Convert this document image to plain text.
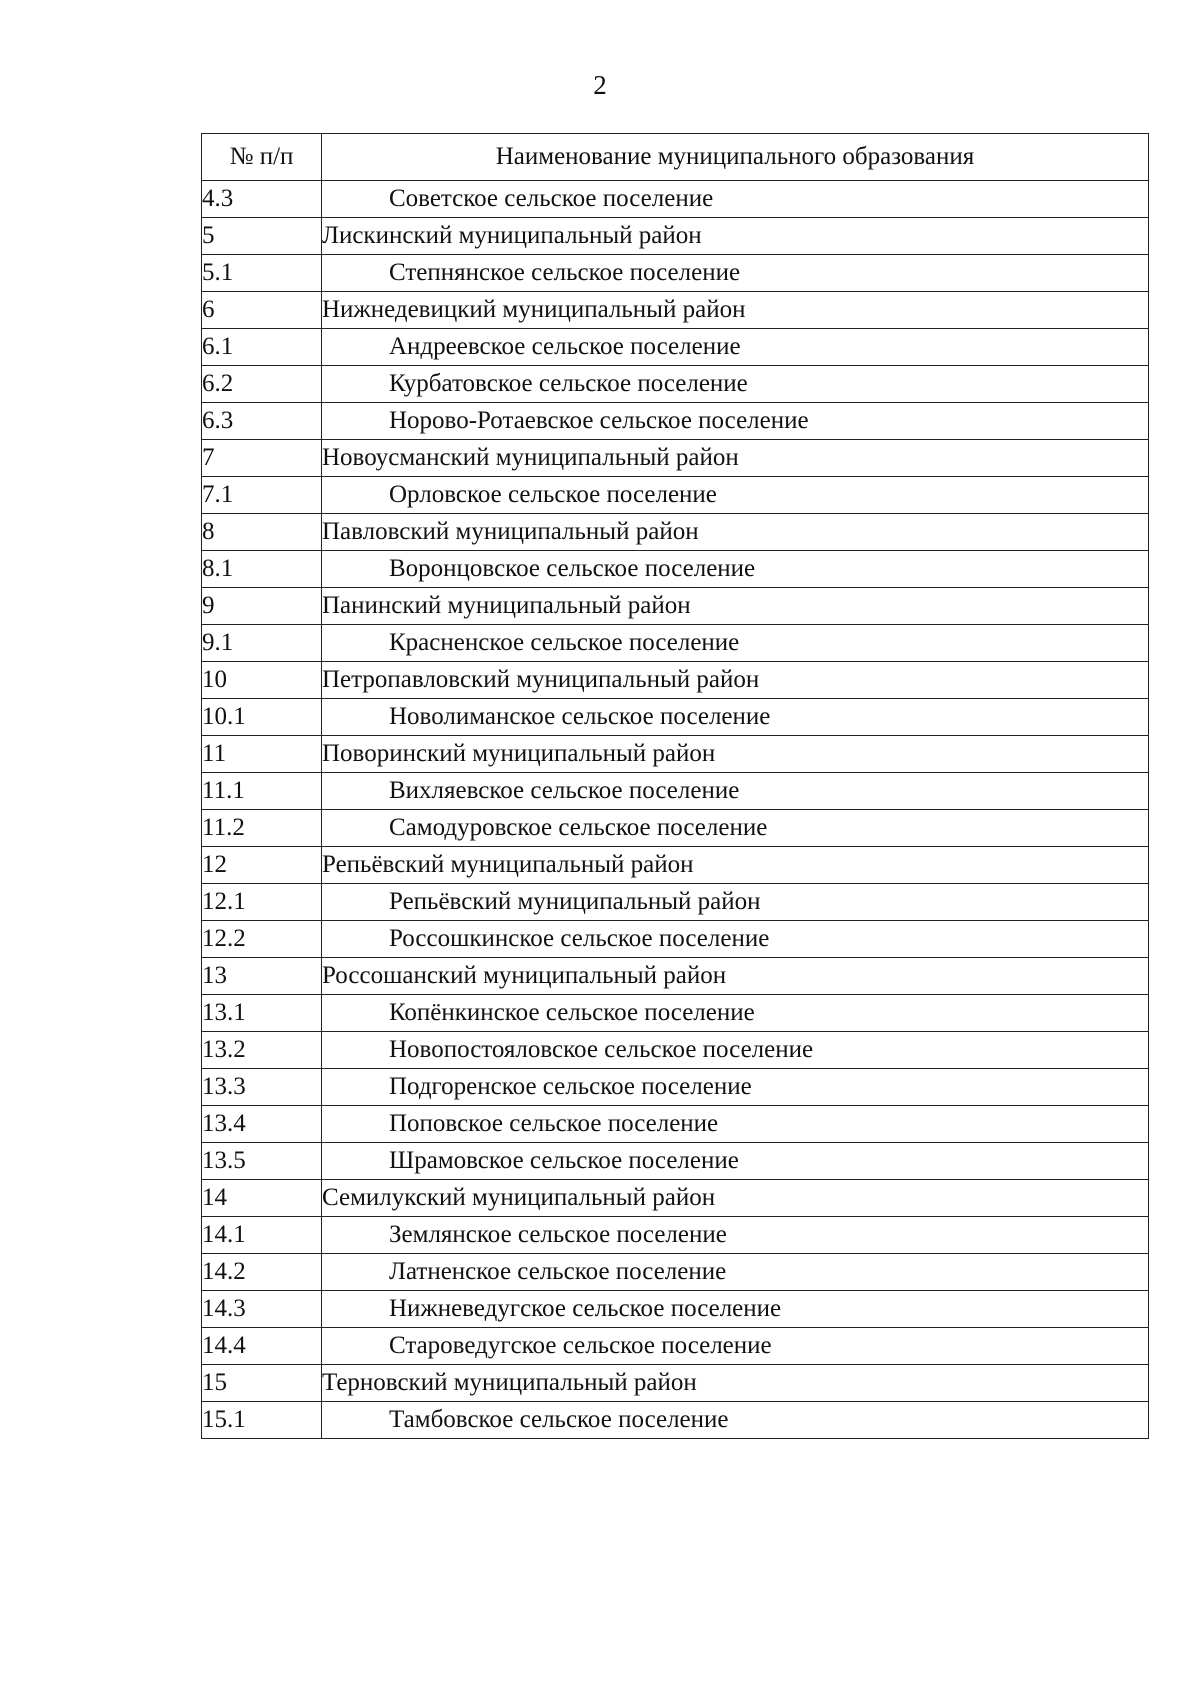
2
№ п/п	Наименование муниципального образования
4.3	Советское сельское поселение
5	Лискинский муниципальный район
5.1	Степнянское сельское поселение
6	Нижнедевицкий муниципальный район
6.1	Андреевское сельское поселение
6.2	Курбатовское сельское поселение
6.3	Норово-Ротаевское сельское поселение
7	Новоусманский муниципальный район
7.1	Орловское сельское поселение
8	Павловский муниципальный район
8.1	Воронцовское сельское поселение
9	Панинский муниципальный район
9.1	Красненское сельское поселение
10	Петропавловский муниципальный район
10.1	Новолиманское сельское поселение
11	Поворинский муниципальный район
11.1	Вихляевское сельское поселение
11.2	Самодуровское сельское поселение
12	Репьёвский муниципальный район
12.1	Репьёвский муниципальный район
12.2	Россошкинское сельское поселение
13	Россошанский муниципальный район
13.1	Копёнкинское сельское поселение
13.2	Новопостояловское сельское поселение
13.3	Подгоренское сельское поселение
13.4	Поповское сельское поселение
13.5	Шрамовское сельское поселение
14	Семилукский муниципальный район
14.1	Землянское сельское поселение
14.2	Латненское сельское поселение
14.3	Нижневедугское сельское поселение
14.4	Староведугское сельское поселение
15	Терновский муниципальный район
15.1	Тамбовское сельское поселение
